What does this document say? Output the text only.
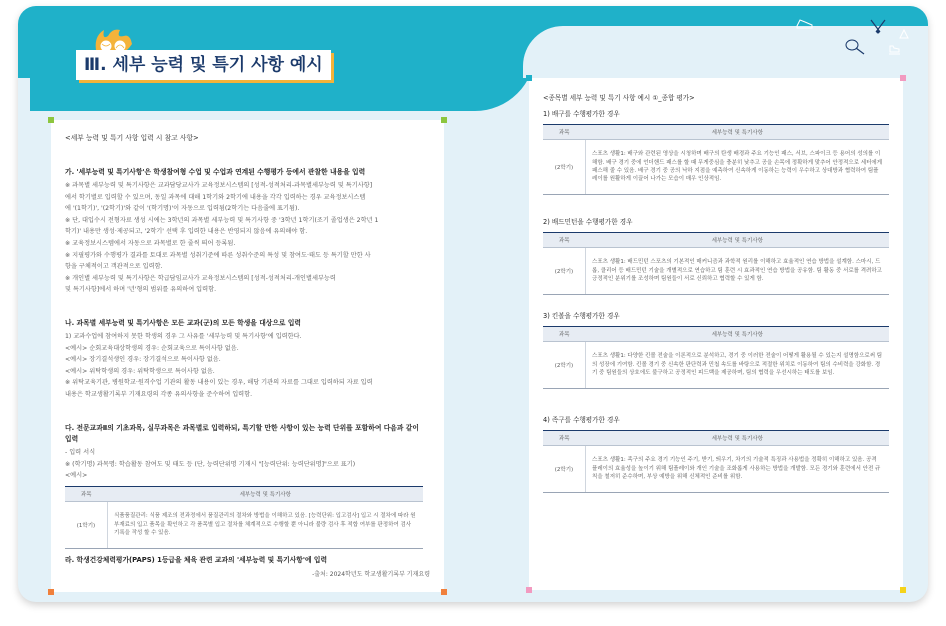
Ⅲ. 세부 능력 및 특기 사항 예시
<세부 능력 및 특기 사항 입력 시 참고 사항>
가. '세부능력 및 특기사항'은 학생참여형 수업 및 수업과 연계된 수행평가 등에서 관찰한 내용을 입력
※ 과목별 세부능력 및 특기사항은 교과담당교사가 교육정보시스템의 [성적-성적처리-과목별세부능력 및 특기사항]
에서 학기별로 입력할 수 있으며, 동일 과목에 대해 1학기와 2학기에 내용을 각각 입력하는 경우 교육정보시스템
에 '(1학기)', '(2학기)'와 같이 '(학기명)'이 자동으로 입력됨(2학기는 다음줄에 표기됨).
※ 단, 대입수시 전형자료 생성 시에는 3학년의 과목별 세부능력 및 특기사항 중 '3학년 1학기(조기 졸업생은 2학년 1
학기)' 내용만 생성·제공되고, '2학기' 선택 후 입력한 내용은 반영되지 않음에 유의해야 함.
※ 교육정보시스템에서 자동으로 과목별로 한 줄씩 띄어 등록됨.
※ 지필평가와 수행평가 결과를 토대로 과목별 성취기준에 따른 성취수준의 특성 및 참여도·태도 등 특기할 만한 사
항을 구체적이고 객관적으로 입력함.
※ 개인별 세부능력 및 특기사항은 학급담임교사가 교육정보시스템의 [성적-성적처리-개인별세부능력
및 특기사항]에서 하며 '년'형의 범위를 유의하여 입력함.
나. 과목별 세부능력 및 특기사항은 모든 교과(군)의 모든 학생을 대상으로 입력
1) 교과수업에 참여하지 못한 학생의 경우 그 사유를 '세부능력 및 특기사항'에 입력한다.
<예시> 순회교육대상학생의 경우: 순회교육으로 특이사항 없음.
<예시> 장기결석생인 경우: 장기결석으로 특이사항 없음.
<예시> 위탁학생의 경우: 위탁학생으로 특이사항 없음.
※ 위탁교육기관, 병원학교·원격수업 기관의 활동 내용이 있는 경우, 해당 기관의 자료를 그대로 입력하되 자료 입력
내용은 학교생활기록부 기재요령의 각종 유의사항을 준수하여 입력함.
다. 전문교과Ⅱ의 기초과목, 실무과목은 과목별로 입력하되, 특기할 만한 사항이 있는 능력 단위를 포함하여 다음과 같이
입력
- 입력 서식
※ (학기명) 과목명: 학습활동 참여도 및 태도 등 (단, 능력단위명 기재시 "[능력단위: 능력단위명]"으로 표기)
<예시>
과목	세부능력 및 특기사항
(1학기)	식품품질관리: 식품 제조의 전과정에서 품질관리의 절차와 방법을 이해하고 있음. [능력단위: 입고검사] 입고 시 절차에 따라 원부재료의 입고 품목을 확인하고 각 품목별 입고 절차를 체계적으로 수행할 뿐 아니라 불량 검사 후 적합 여부를 판정하여 검사 기록을 작성 할 수 있음.
라. 학생건강체력평가(PAPS) 1등급을 체육 관련 교과의 '세부능력 및 특기사항'에 입력
-출처: 2024학년도 학교생활기록부 기재요령
<종목별 세부 능력 및 특기 사항 예시 ①_종합 평가>
1) 배구를 수행평가한 경우
과목	세부능력 및 특기사항
(2학기)	스포츠 생활1: 배구와 관련된 영상을 시청하며 배구의 탄생 배경과 주요 기능인 패스, 서브, 스파이크 등 용어의 성의를 이해함. 배구 경기 중에 언더핸드 패스를 할 때 무게중심을 충분히 낮추고 공을 손목에 정확하게 맞추어 안정적으로 세터에게 패스해 줄 수 있음. 배구 경기 중 공의 낙하 지점을 예측하여 신속하게 이동하는 능력이 우수하고 상대방과 협력하여 팀플레이를 원활하게 이끌어 나가는 모습이 매우 인상적임.
2) 배드민턴을 수행평가한 경우
과목	세부능력 및 특기사항
(2학기)	스포츠 생활1: 배드민턴 스포츠의 기본적인 매커니즘과 과학적 원리를 이해하고 효율적인 연습 방법을 설계함. 스마시, 드롭, 클리어 등 배드민턴 기술을 개별적으로 연습하고 팀 훈련 시 효과적인 연습 방법을 공유함. 팀 활동 중 서로를 격려하고 긍정적인 분위기를 조성하며 팀원들이 서로 신뢰하고 협력할 수 있게 함.
3) 킨볼을 수행평가한 경우
과목	세부능력 및 특기사항
(2학기)	스포츠 생활1: 다양한 킨볼 전술을 이론적으로 분석하고, 경기 중 이러한 전술이 어떻게 활용될 수 있는지 설명함으로써 팀의 성장에 기여함. 킨볼 경기 중 신속한 판단력과 민첩 속도를 바탕으로 적절한 위치로 이동하여 팀의 수비력을 강화함. 경기 중 팀원들의 상호에도 불구하고 공정적인 피드백을 제공하며, 팀의 협력을 우선시하는 태도를 보임.
4) 족구를 수행평가한 경우
과목	세부능력 및 특기사항
(2학기)	스포츠 생활1: 족구의 주요 경기 기능인 주기, 받기, 띄우기, 차기의 기술적 특징과 사용법을 정확히 이해하고 있음. 공격 플레이의 효율성을 높이기 위해 팀플레이와 개인 기술을 조화롭게 사용하는 방법을 개발함. 모든 경기와 훈련에서 안전 규칙을 철저히 준수하며, 부상 예방을 위해 신체적인 준비를 위함.
